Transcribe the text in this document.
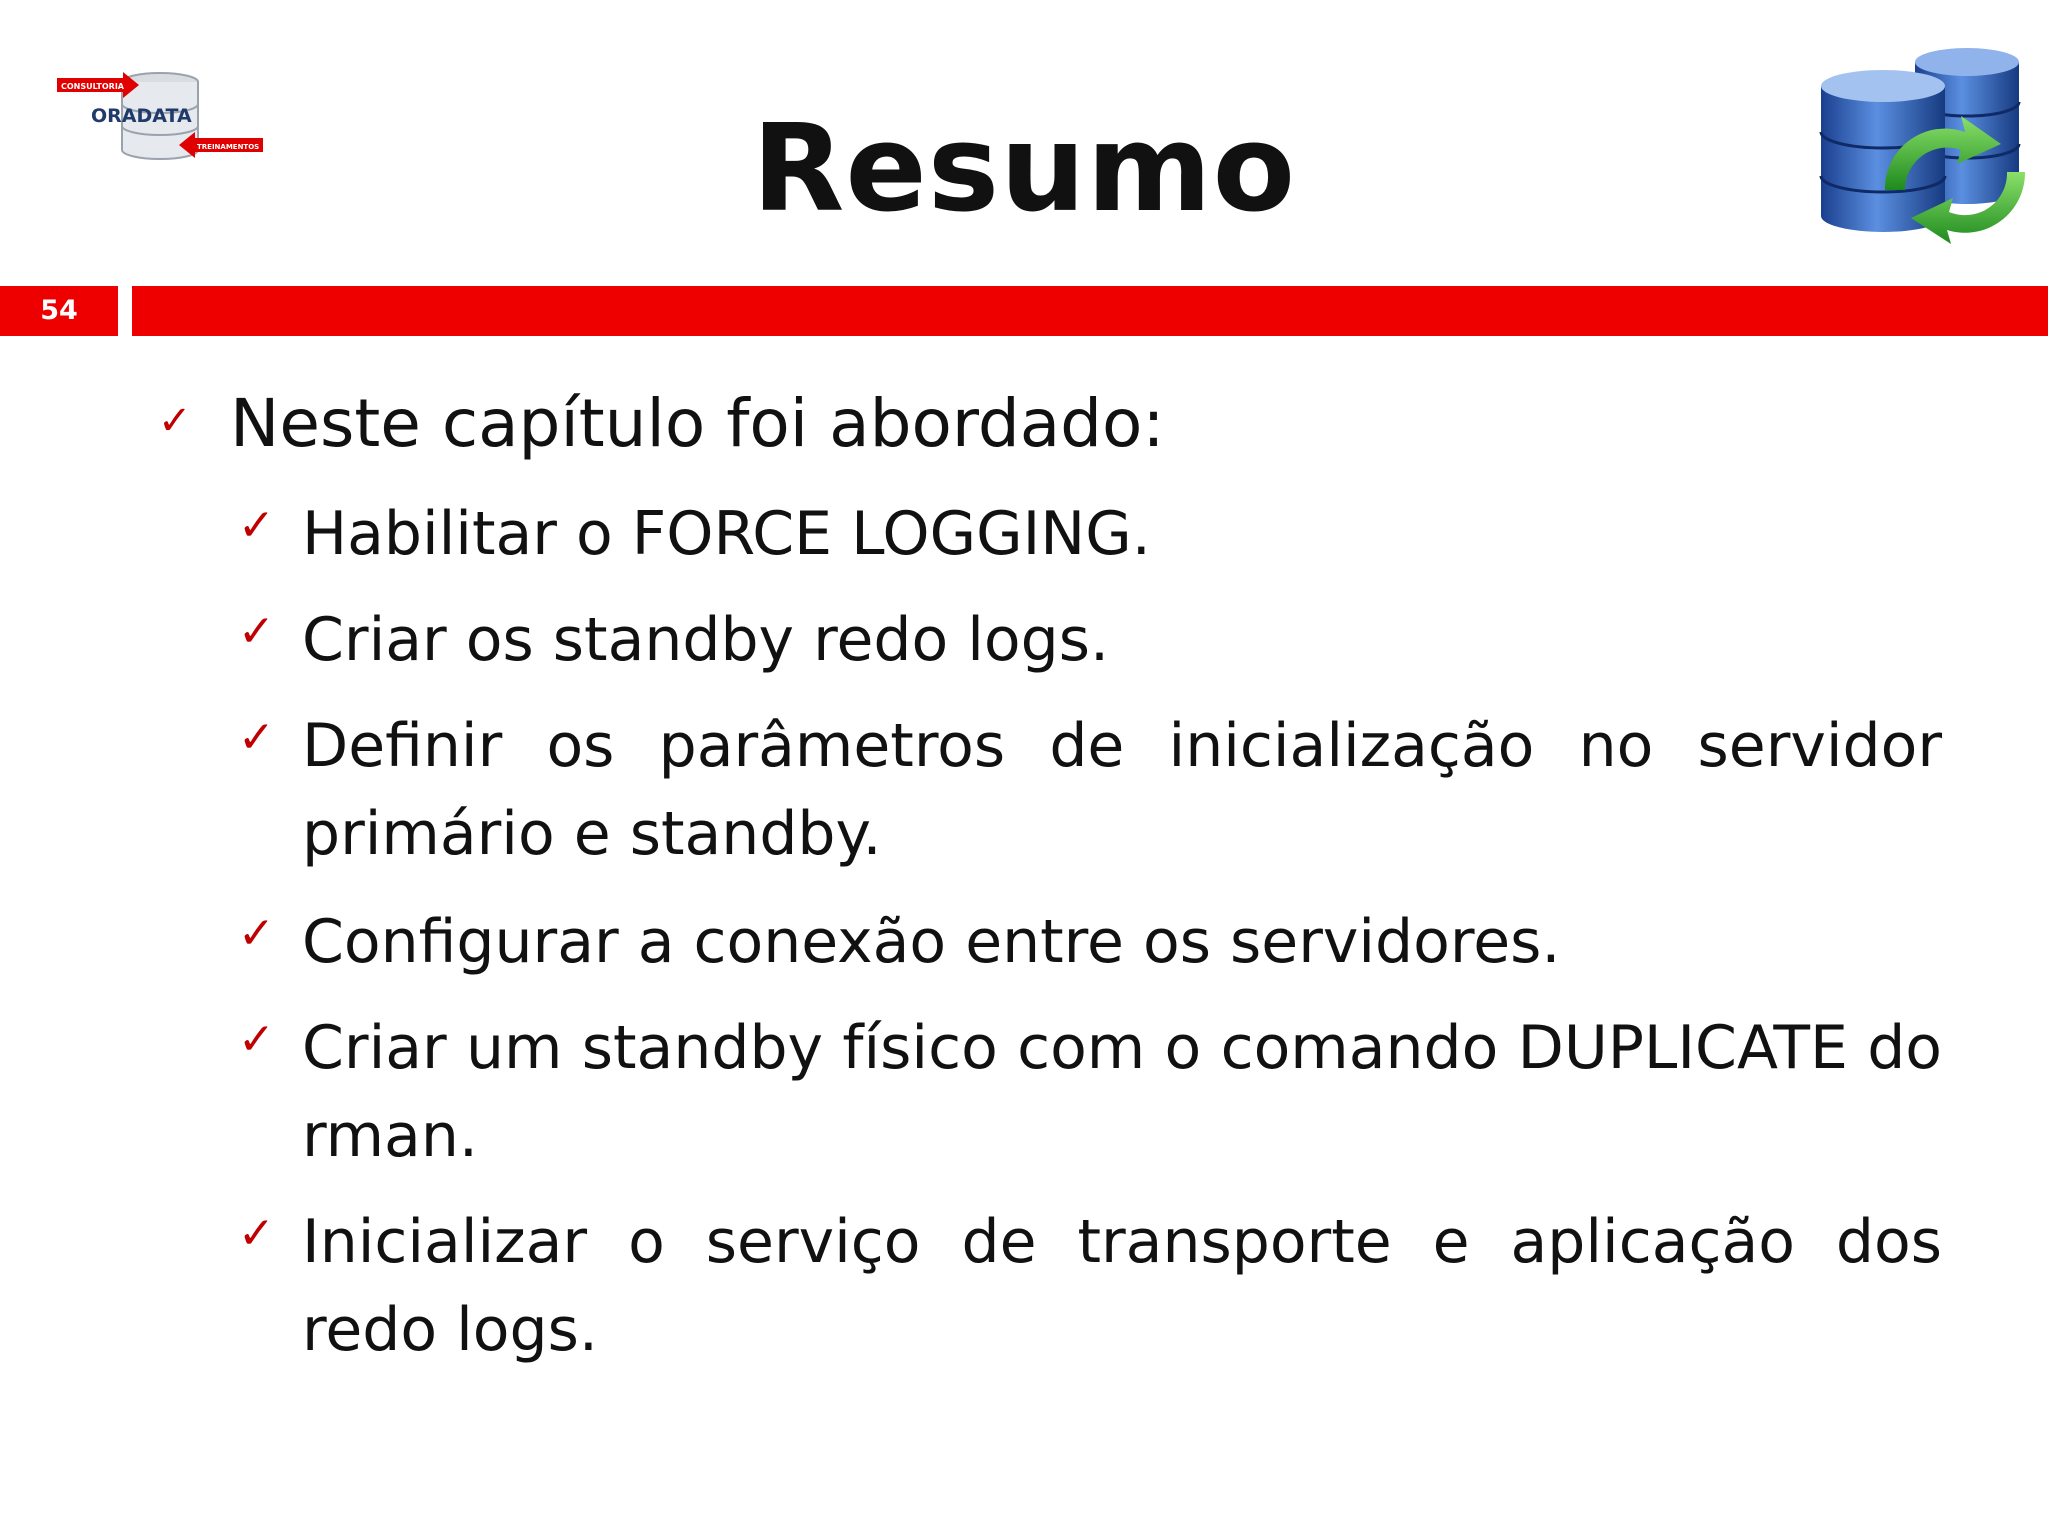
CONSULTORIA
ORADATA
TREINAMENTOS	Resumo
54
✓ Neste capítulo foi abordado:
✓ Habilitar o FORCE LOGGING.
✓ Criar os standby redo logs.
✓ Definir os parâmetros de inicialização no servidor primário e standby.
✓ Configurar a conexão entre os servidores.
✓ Criar um standby físico com o comando DUPLICATE do rman.
✓ Inicializar o serviço de transporte e aplicação dos redo logs.
